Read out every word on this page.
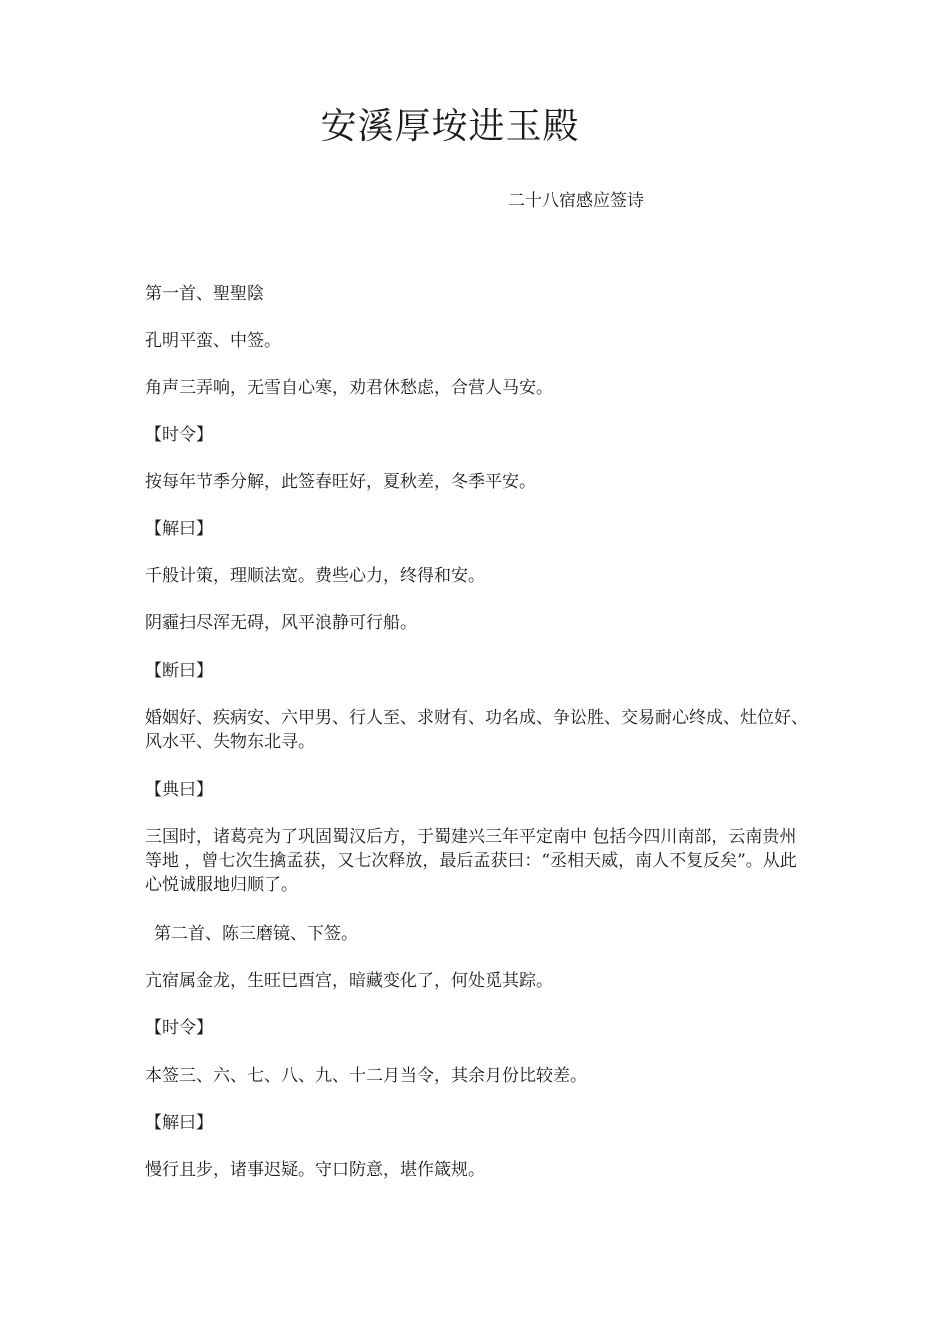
安溪厚垵进玉殿

二十八宿感应签诗

第一首、聖聖陰

孔明平蛮、中签。

角声三弄响，无雪自心寒，劝君休愁虑，合营人马安。

【时令】

按每年节季分解，此签春旺好，夏秋差，冬季平安。

【解曰】

千般计策，理顺法宽。费些心力，终得和安。

阴霾扫尽浑无碍，风平浪静可行船。

【断曰】

婚姻好、疾病安、六甲男、行人至、求财有、功名成、争讼胜、交易耐心终成、灶位好、风水平、失物东北寻。

【典曰】

三国时，诸葛亮为了巩固蜀汉后方，于蜀建兴三年平定南中 包括今四川南部，云南贵州等地 ，曾七次生擒孟获，又七次释放，最后孟获曰：“丞相天威，南人不复反矣”。从此心悦诚服地归顺了。

第二首、陈三磨镜、下签。

亢宿属金龙，生旺巳酉宫，暗藏变化了，何处觅其踪。

【时令】

本签三、六、七、八、九、十二月当令，其余月份比较差。

【解曰】

慢行且步，诸事迟疑。守口防意，堪作箴规。
